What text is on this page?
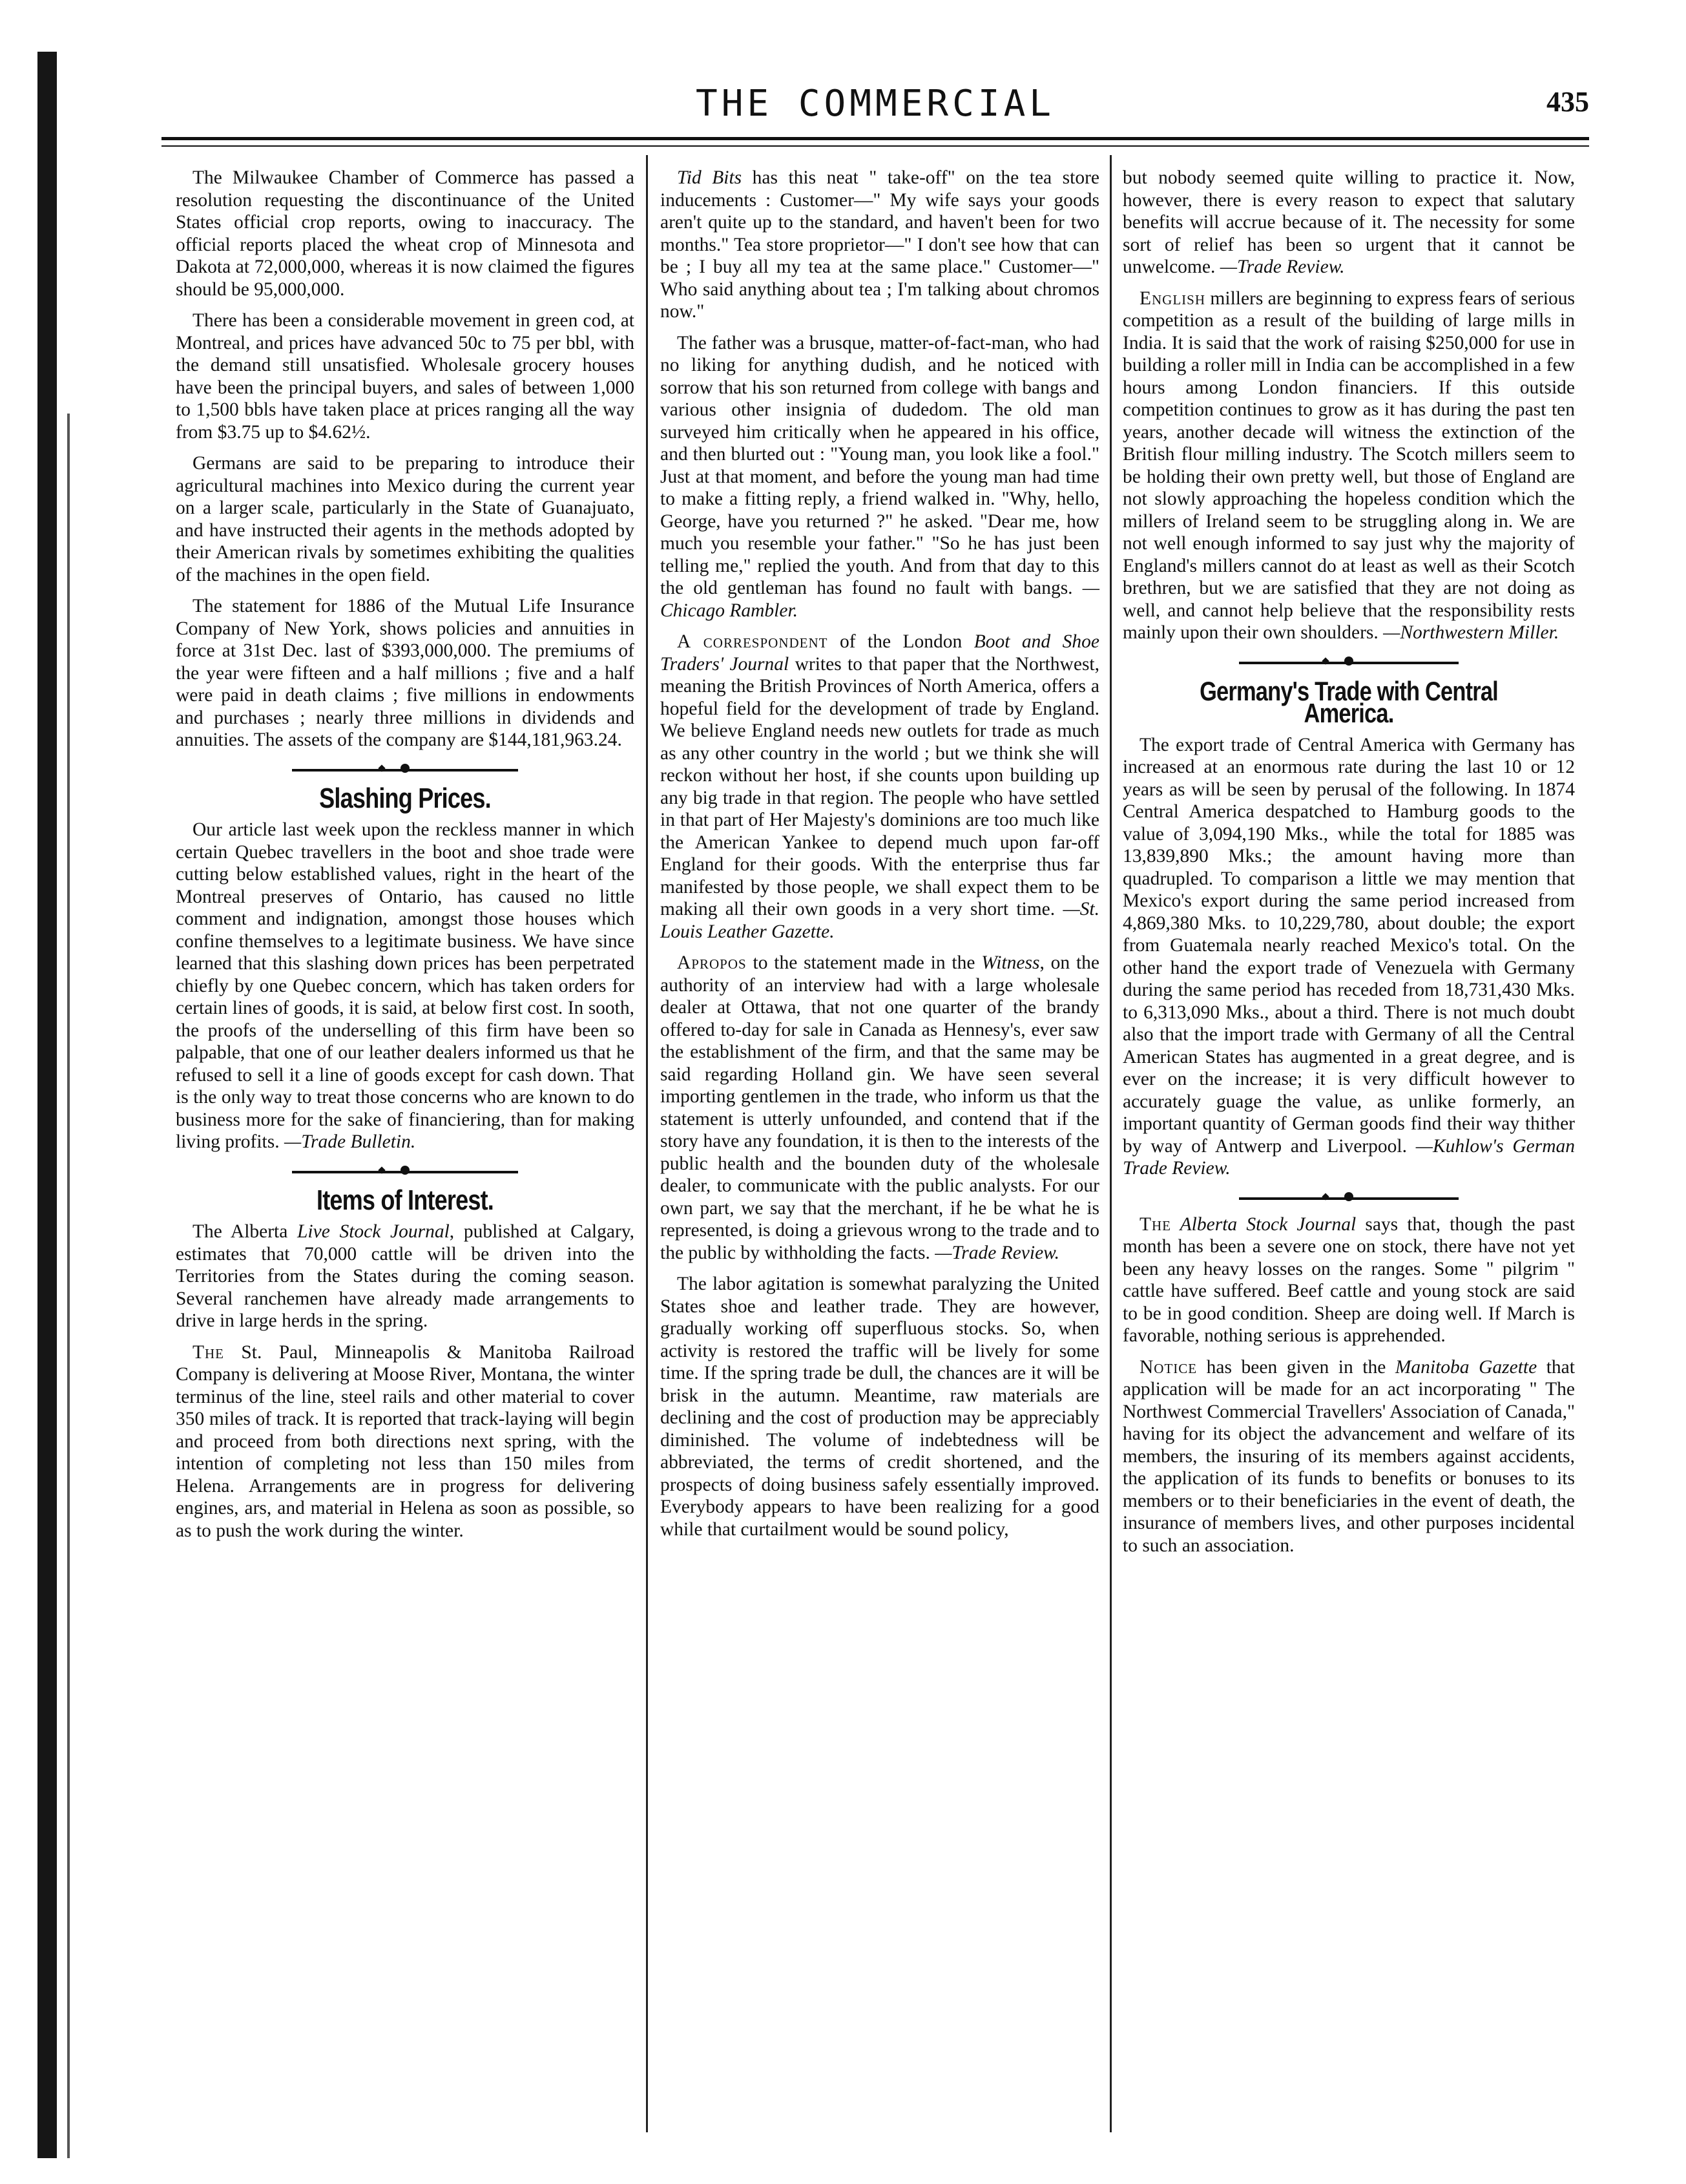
THE COMMERCIAL	435

The Milwaukee Chamber of Commerce has passed a resolution requesting the discontinuance of the United States official crop reports, owing to inaccuracy. The official reports placed the wheat crop of Minnesota and Dakota at 72,000,000, whereas it is now claimed the figures should be 95,000,000.

There has been a considerable movement in green cod, at Montreal, and prices have advanced 50c to 75 per bbl, with the demand still unsatisfied. Wholesale grocery houses have been the principal buyers, and sales of between 1,000 to 1,500 bbls have taken place at prices ranging all the way from $3.75 up to $4.62½.

Germans are said to be preparing to introduce their agricultural machines into Mexico during the current year on a larger scale, particularly in the State of Guanajuato, and have instructed their agents in the methods adopted by their American rivals by sometimes exhibiting the qualities of the machines in the open field.

The statement for 1886 of the Mutual Life Insurance Company of New York, shows policies and annuities in force at 31st Dec. last of $393,000,000. The premiums of the year were fifteen and a half millions ; five and a half were paid in death claims ; five millions in endowments and purchases ; nearly three millions in dividends and annuities. The assets of the company are $144,181,963.24.

Slashing Prices.

Our article last week upon the reckless manner in which certain Quebec travellers in the boot and shoe trade were cutting below established values, right in the heart of the Montreal preserves of Ontario, has caused no little comment and indignation, amongst those houses which confine themselves to a legitimate business. We have since learned that this slashing down prices has been perpetrated chiefly by one Quebec concern, which has taken orders for certain lines of goods, it is said, at below first cost. In sooth, the proofs of the underselling of this firm have been so palpable, that one of our leather dealers informed us that he refused to sell it a line of goods except for cash down. That is the only way to treat those concerns who are known to do business more for the sake of financiering, than for making living profits. —Trade Bulletin.

Items of Interest.

The Alberta Live Stock Journal, published at Calgary, estimates that 70,000 cattle will be driven into the Territories from the States during the coming season. Several ranchemen have already made arrangements to drive in large herds in the spring.

The St. Paul, Minneapolis & Manitoba Railroad Company is delivering at Moose River, Montana, the winter terminus of the line, steel rails and other material to cover 350 miles of track. It is reported that track-laying will begin and proceed from both directions next spring, with the intention of completing not less than 150 miles from Helena. Arrangements are in progress for delivering engines, ars, and material in Helena as soon as possible, so as to push the work during the winter.

Tid Bits has this neat " take-off" on the tea store inducements : Customer—" My wife says your goods aren't quite up to the standard, and haven't been for two months." Tea store proprietor—" I don't see how that can be ; I buy all my tea at the same place." Customer—" Who said anything about tea ; I'm talking about chromos now."

The father was a brusque, matter-of-fact-man, who had no liking for anything dudish, and he noticed with sorrow that his son returned from college with bangs and various other insignia of dudedom. The old man surveyed him critically when he appeared in his office, and then blurted out : "Young man, you look like a fool." Just at that moment, and before the young man had time to make a fitting reply, a friend walked in. "Why, hello, George, have you returned ?" he asked. "Dear me, how much you resemble your father." "So he has just been telling me," replied the youth. And from that day to this the old gentleman has found no fault with bangs. —Chicago Rambler.

A correspondent of the London Boot and Shoe Traders' Journal writes to that paper that the Northwest, meaning the British Provinces of North America, offers a hopeful field for the development of trade by England. We believe England needs new outlets for trade as much as any other country in the world ; but we think she will reckon without her host, if she counts upon building up any big trade in that region. The people who have settled in that part of Her Majesty's dominions are too much like the American Yankee to depend much upon far-off England for their goods. With the enterprise thus far manifested by those people, we shall expect them to be making all their own goods in a very short time. —St. Louis Leather Gazette.

Apropos to the statement made in the Witness, on the authority of an interview had with a large wholesale dealer at Ottawa, that not one quarter of the brandy offered to-day for sale in Canada as Hennesy's, ever saw the establishment of the firm, and that the same may be said regarding Holland gin. We have seen several importing gentlemen in the trade, who inform us that the statement is utterly unfounded, and contend that if the story have any foundation, it is then to the interests of the public health and the bounden duty of the wholesale dealer, to communicate with the public analysts. For our own part, we say that the merchant, if he be what he is represented, is doing a grievous wrong to the trade and to the public by withholding the facts. —Trade Review.

The labor agitation is somewhat paralyzing the United States shoe and leather trade. They are however, gradually working off superfluous stocks. So, when activity is restored the traffic will be lively for some time. If the spring trade be dull, the chances are it will be brisk in the autumn. Meantime, raw materials are declining and the cost of production may be appreciably diminished. The volume of indebtedness will be abbreviated, the terms of credit shortened, and the prospects of doing business safely essentially improved. Everybody appears to have been realizing for a good while that curtailment would be sound policy,

but nobody seemed quite willing to practice it. Now, however, there is every reason to expect that salutary benefits will accrue because of it. The necessity for some sort of relief has been so urgent that it cannot be unwelcome. —Trade Review.

English millers are beginning to express fears of serious competition as a result of the building of large mills in India. It is said that the work of raising $250,000 for use in building a roller mill in India can be accomplished in a few hours among London financiers. If this outside competition continues to grow as it has during the past ten years, another decade will witness the extinction of the British flour milling industry. The Scotch millers seem to be holding their own pretty well, but those of England are not slowly approaching the hopeless condition which the millers of Ireland seem to be struggling along in. We are not well enough informed to say just why the majority of England's millers cannot do at least as well as their Scotch brethren, but we are satisfied that they are not doing as well, and cannot help believe that the responsibility rests mainly upon their own shoulders. —Northwestern Miller.

Germany's Trade with Central America.

The export trade of Central America with Germany has increased at an enormous rate during the last 10 or 12 years as will be seen by perusal of the following. In 1874 Central America despatched to Hamburg goods to the value of 3,094,190 Mks., while the total for 1885 was 13,839,890 Mks.; the amount having more than quadrupled. To comparison a little we may mention that Mexico's export during the same period increased from 4,869,380 Mks. to 10,229,780, about double; the export from Guatemala nearly reached Mexico's total. On the other hand the export trade of Venezuela with Germany during the same period has receded from 18,731,430 Mks. to 6,313,090 Mks., about a third. There is not much doubt also that the import trade with Germany of all the Central American States has augmented in a great degree, and is ever on the increase; it is very difficult however to accurately guage the value, as unlike formerly, an important quantity of German goods find their way thither by way of Antwerp and Liverpool. —Kuhlow's German Trade Review.

The Alberta Stock Journal says that, though the past month has been a severe one on stock, there have not yet been any heavy losses on the ranges. Some " pilgrim " cattle have suffered. Beef cattle and young stock are said to be in good condition. Sheep are doing well. If March is favorable, nothing serious is apprehended.

Notice has been given in the Manitoba Gazette that application will be made for an act incorporating " The Northwest Commercial Travellers' Association of Canada," having for its object the advancement and welfare of its members, the insuring of its members against accidents, the application of its funds to benefits or bonuses to its members or to their beneficiaries in the event of death, the insurance of members lives, and other purposes incidental to such an association.
